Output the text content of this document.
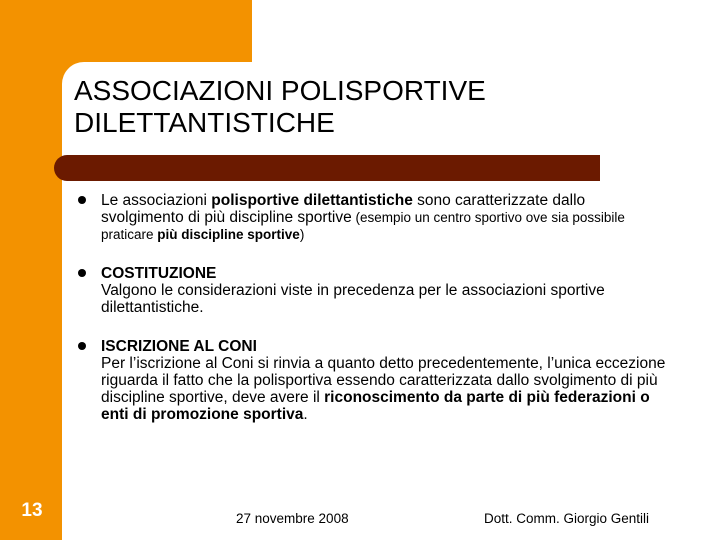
ASSOCIAZIONI POLISPORTIVE
DILETTANTISTICHE
Le associazioni polisportive dilettantistiche sono caratterizzate dallo svolgimento di più discipline sportive (esempio un centro sportivo ove sia possibile praticare più discipline sportive)
COSTITUZIONE
Valgono le considerazioni viste in precedenza per le associazioni sportive dilettantistiche.
ISCRIZIONE AL CONI
Per l’iscrizione al Coni si rinvia a quanto detto precedentemente, l’unica eccezione riguarda il fatto che la polisportiva essendo caratterizzata dallo svolgimento di più discipline sportive, deve avere il riconoscimento da parte di più federazioni o enti di promozione sportiva.
13	27 novembre 2008	Dott. Comm. Giorgio Gentili
